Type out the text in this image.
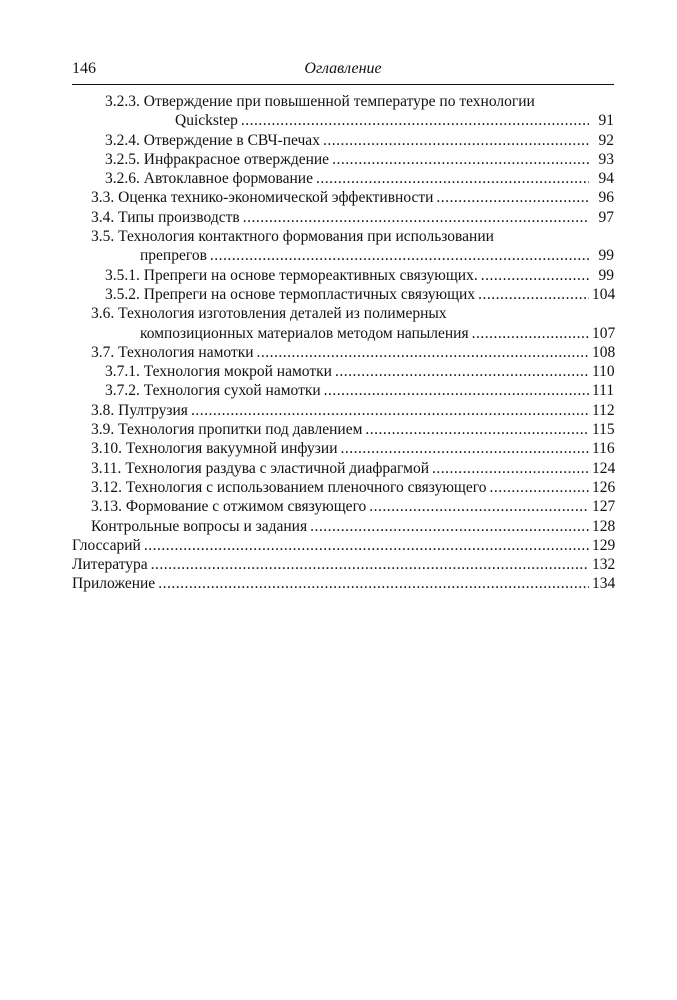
146	Оглавление
3.2.3. Отверждение при повышенной температуре по технологии
Quickstep .....	91
3.2.4. Отверждение в СВЧ-печах .....	92
3.2.5. Инфракрасное отверждение .....	93
3.2.6. Автоклавное формование .....	94
3.3. Оценка технико-экономической эффективности .....	96
3.4. Типы производств .....	97
3.5. Технология контактного формования при использовании
препрегов .....	99
3.5.1. Препреги на основе термореактивных связующих. .....	99
3.5.2. Препреги на основе термопластичных связующих .....	104
3.6. Технология изготовления деталей из полимерных
композиционных материалов методом напыления .....	107
3.7. Технология намотки .....	108
3.7.1. Технология мокрой намотки .....	110
3.7.2. Технология сухой намотки .....	111
3.8. Пултрузия .....	112
3.9. Технология пропитки под давлением .....	115
3.10. Технология вакуумной инфузии .....	116
3.11. Технология раздува с эластичной диафрагмой .....	124
3.12. Технология с использованием пленочного связующего .....	126
3.13. Формование с отжимом связующего .....	127
Контрольные вопросы и задания .....	128
Глоссарий .....	129
Литература .....	132
Приложение .....	134
